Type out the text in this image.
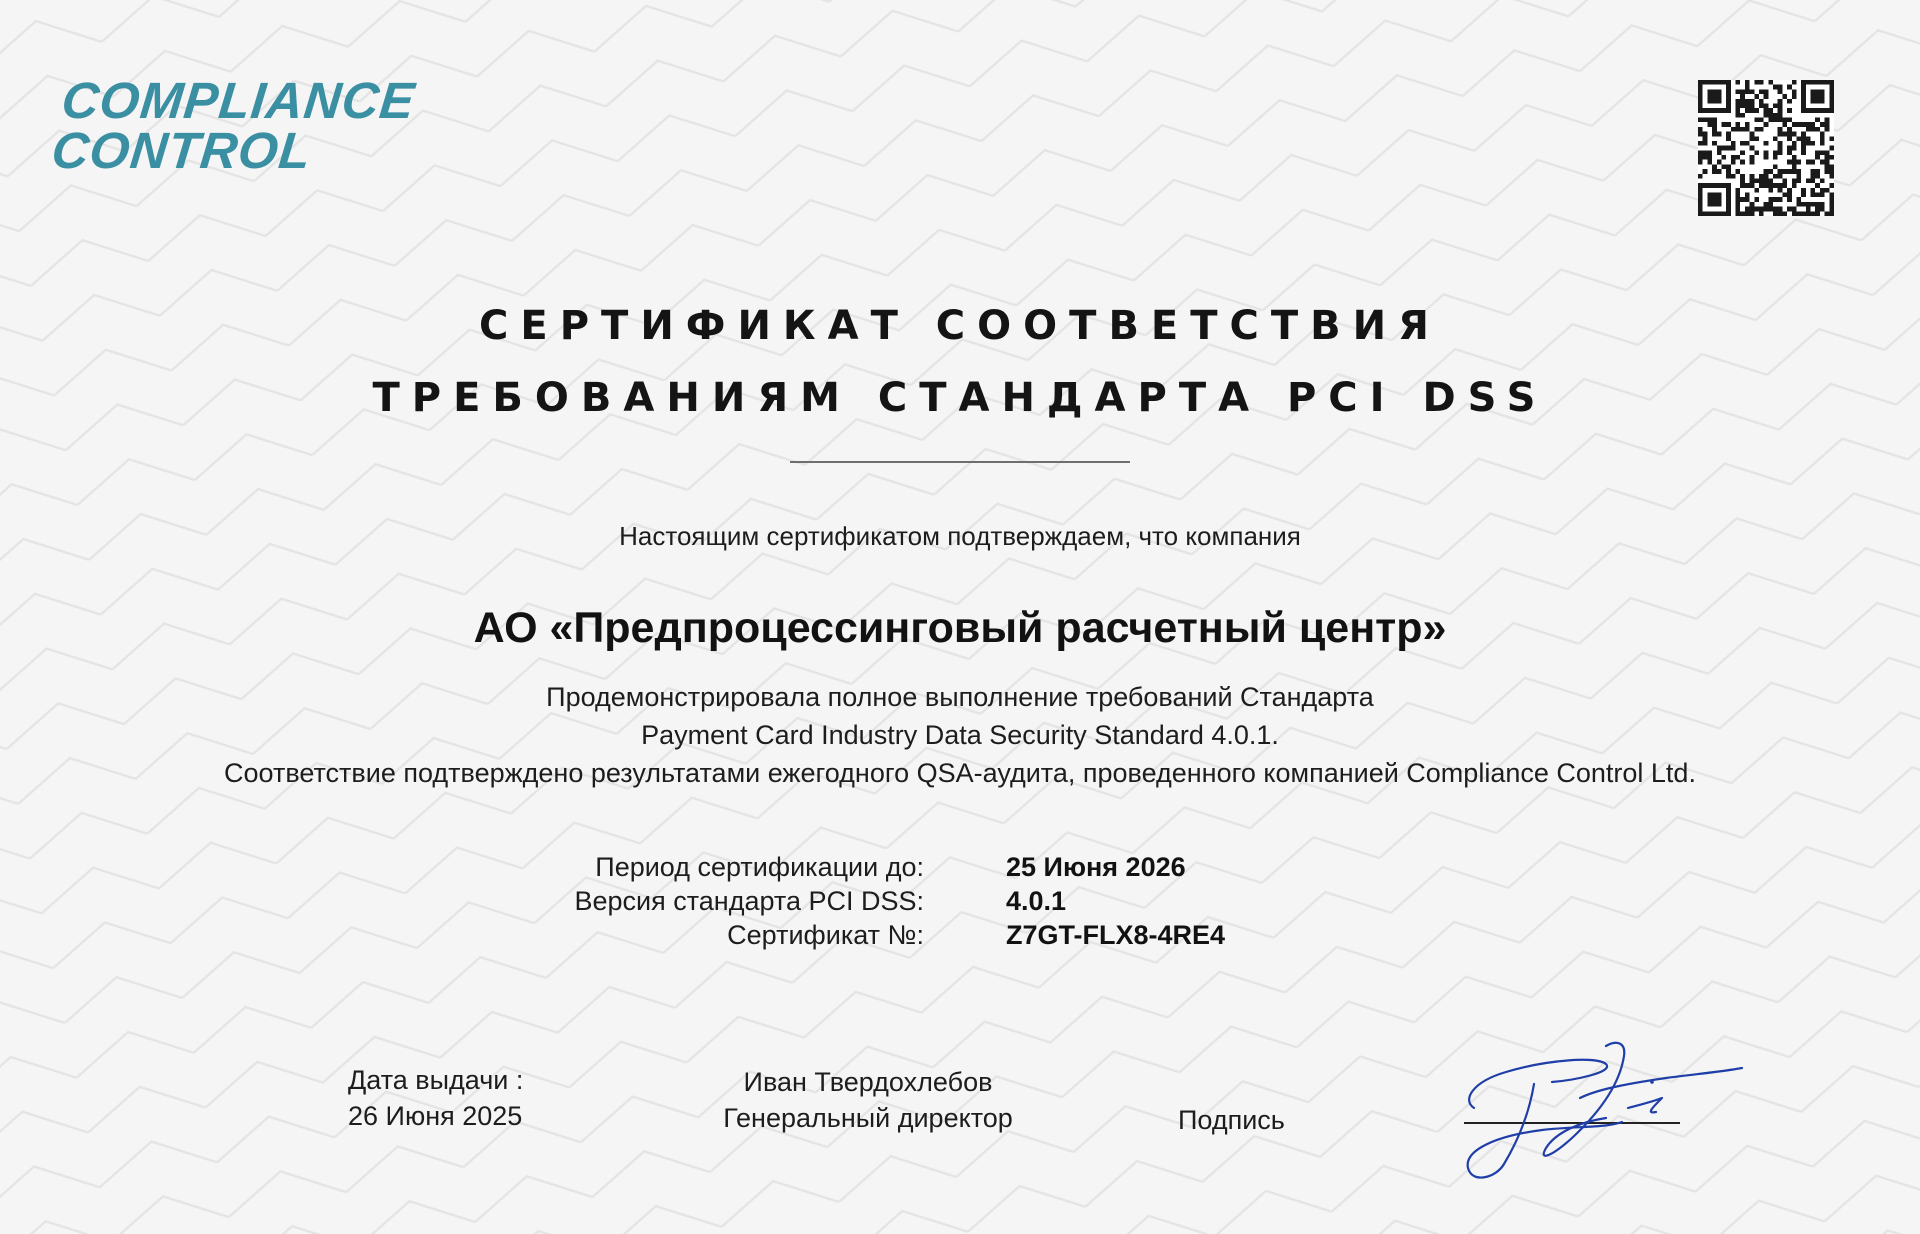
COMPLIANCE
CONTROL
СЕРТИФИКАТ СООТВЕТСТВИЯ
ТРЕБОВАНИЯМ СТАНДАРТА PCI DSS
Настоящим сертификатом подтверждаем, что компания
АО «Предпроцессинговый расчетный центр»
Продемонстрировала полное выполнение требований Стандарта
Payment Card Industry Data Security Standard 4.0.1.
Соответствие подтверждено результатами ежегодного QSA-аудита, проведенного компанией Compliance Control Ltd.
Период сертификации до:	25 Июня 2026
Версия стандарта PCI DSS:	4.0.1
Сертификат №:	Z7GT-FLX8-4RE4
Дата выдачи :
26 Июня 2025
Иван Твердохлебов
Генеральный директор	Подпись
